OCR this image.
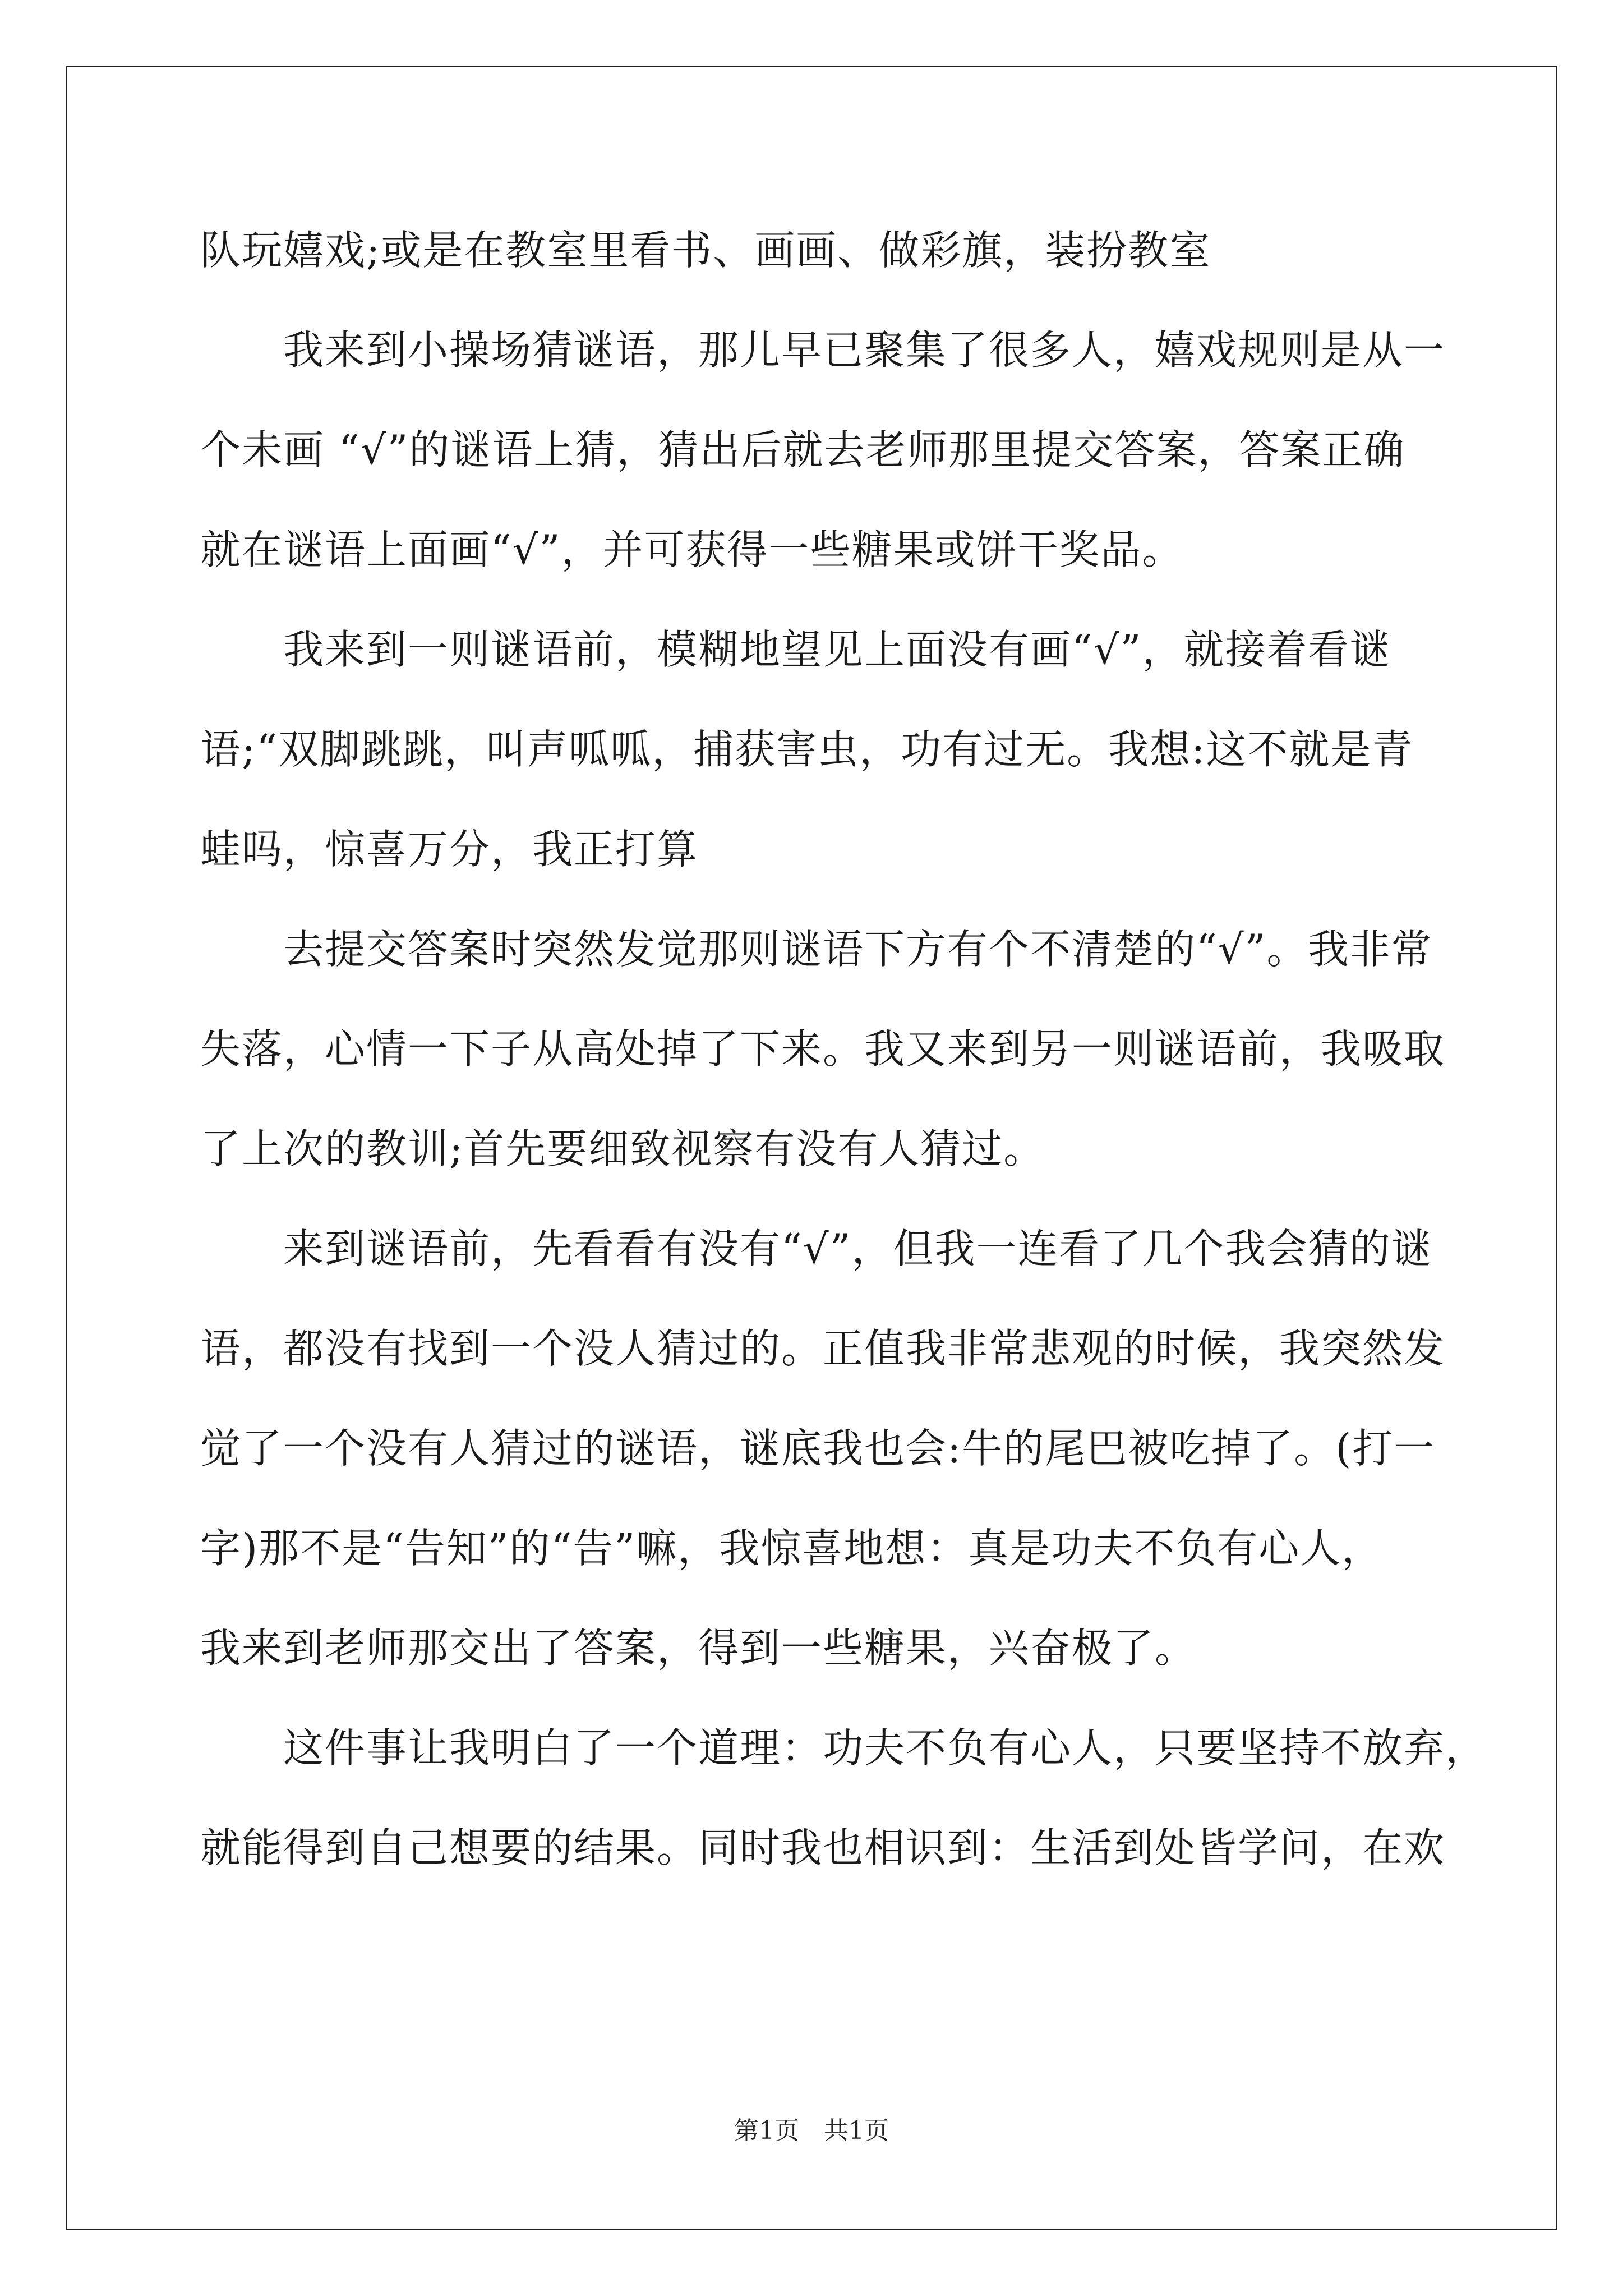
队玩嬉戏;或是在教室里看书、画画、做彩旗，装扮教室
我来到小操场猜谜语，那儿早已聚集了很多人，嬉戏规则是从一
个未画 “√”的谜语上猜，猜出后就去老师那里提交答案，答案正确
就在谜语上面画“√”，并可获得一些糖果或饼干奖品。
我来到一则谜语前，模糊地望见上面没有画“√”，就接着看谜
语;“双脚跳跳，叫声呱呱，捕获害虫，功有过无。我想:这不就是青
蛙吗，惊喜万分，我正打算
去提交答案时突然发觉那则谜语下方有个不清楚的“√”。我非常
失落，心情一下子从高处掉了下来。我又来到另一则谜语前，我吸取
了上次的教训;首先要细致视察有没有人猜过。
来到谜语前，先看看有没有“√”，但我一连看了几个我会猜的谜
语，都没有找到一个没人猜过的。正值我非常悲观的时候，我突然发
觉了一个没有人猜过的谜语，谜底我也会:牛的尾巴被吃掉了。(打一
字)那不是“告知”的“告”嘛，我惊喜地想：真是功夫不负有心人，
我来到老师那交出了答案，得到一些糖果，兴奋极了。
这件事让我明白了一个道理：功夫不负有心人，只要坚持不放弃，
就能得到自己想要的结果。同时我也相识到：生活到处皆学问，在欢
第1页 共1页
